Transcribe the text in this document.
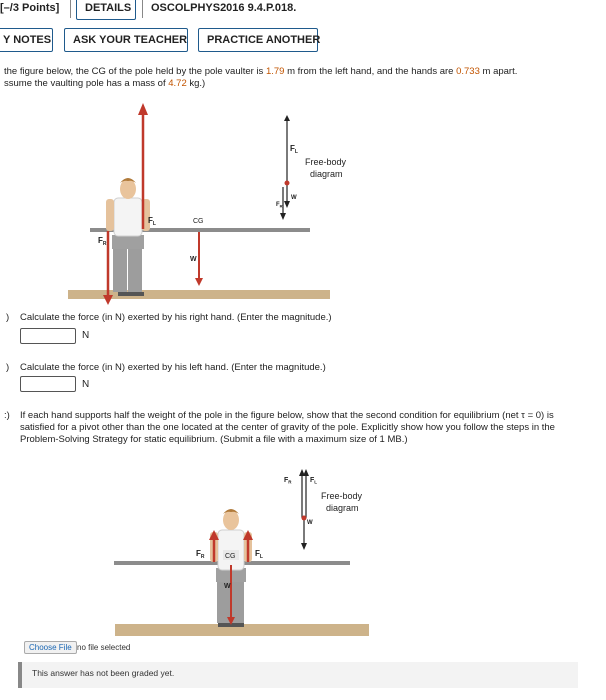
[–/3 Points]	DETAILS	OSCOLPHYS2016 9.4.P.018.
Y NOTES	ASK YOUR TEACHER	PRACTICE ANOTHER
the figure below, the CG of the pole held by the pole vaulter is 1.79 m from the left hand, and the hands are 0.733 m apart.
ssume the vaulting pole has a mass of 4.72 kg.)
$F_R$
$F_L$	CG
W
$F_L$
$F_R$
W
Free-body
diagram
) Calculate the force (in N) exerted by his right hand. (Enter the magnitude.)
N
) Calculate the force (in N) exerted by his left hand. (Enter the magnitude.)
N
:) If each hand supports half the weight of the pole in the figure below, show that the second condition for equilibrium (net τ = 0) is
satisfied for a pivot other than the one located at the center of gravity of the pole. Explicitly show how you follow the steps in the
Problem-Solving Strategy for static equilibrium. (Submit a file with a maximum size of 1 MB.)
CG
$F_R$	$F_L$
W
$F_R$	$F_L$
W
Free-body
diagram
Choose File no file selected
This answer has not been graded yet.
